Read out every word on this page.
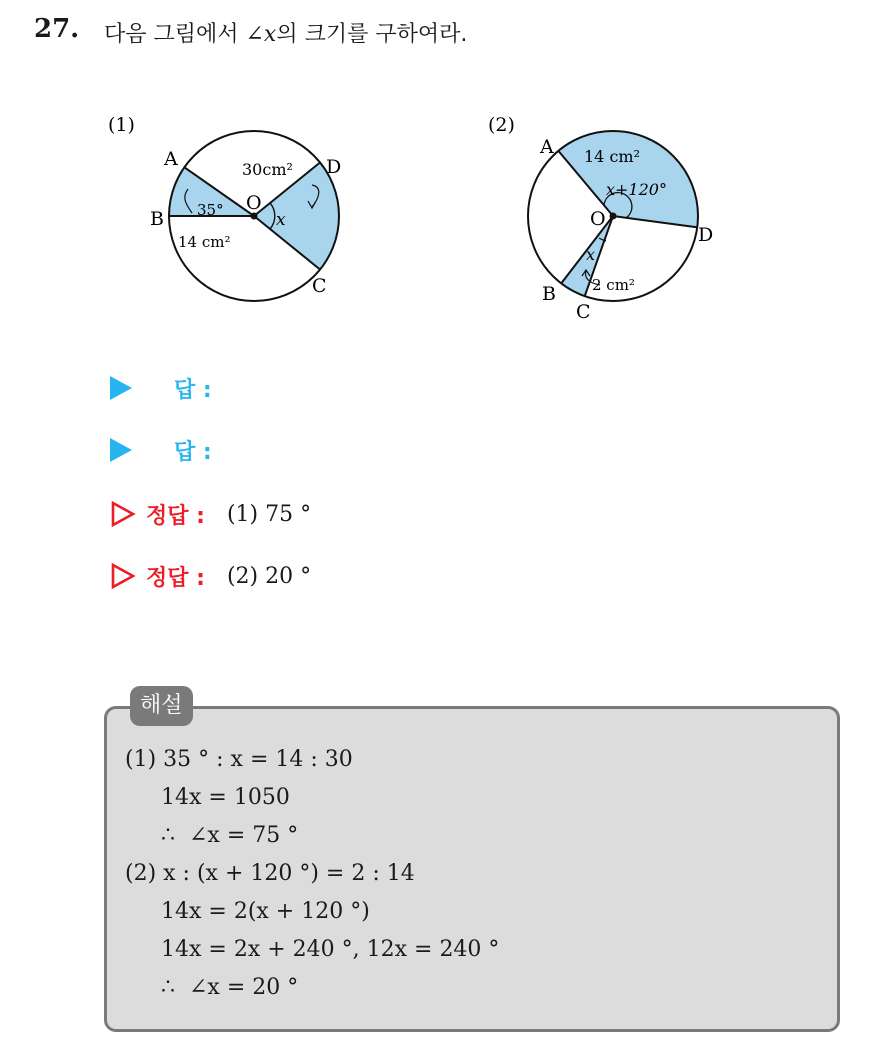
27. 다음 그림에서 ∠x의 크기를 구하여라.
(1)
A
B
C
D
O
35°
14 cm²
30cm²
x
(2)
A
B
C
D
O
14 cm²
x+120°
x
2 cm²
답 :
답 :
정답 : (1) 75 °
정답 : (2) 20 °
(1) 35 ° : x = 14 : 30
14x = 1050
∴  ∠x = 75 °
(2) x : (x + 120 °) = 2 : 14
14x = 2(x + 120 °)
14x = 2x + 240 °, 12x = 240 °
∴  ∠x = 20 °
해설
